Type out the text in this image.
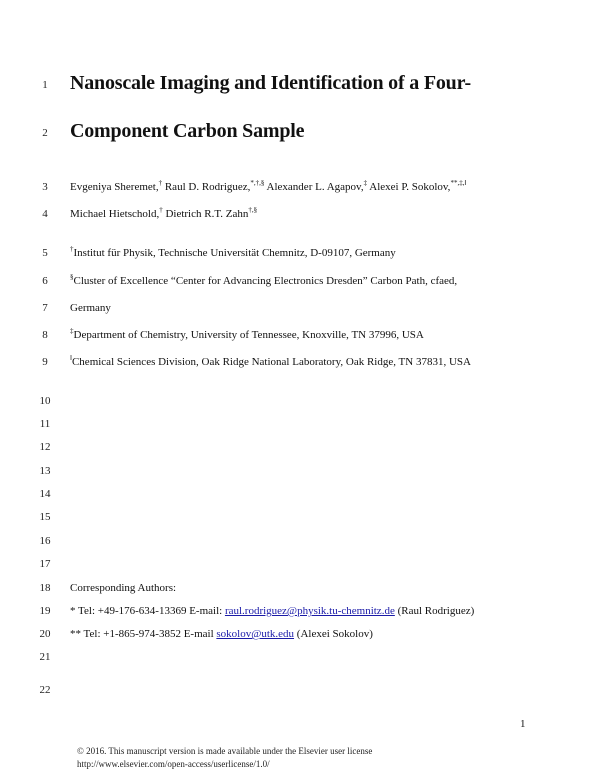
1
2
3
4
5
6
7
8
9
10
11
12
13
14
15
16
17
18
19
20
21
22
Nanoscale Imaging and Identification of a Four-
Component Carbon Sample
Evgeniya Sheremet,† Raul D. Rodriguez,*,†,§ Alexander L. Agapov,‡ Alexei P. Sokolov,**,‡,‖
Michael Hietschold,† Dietrich R.T. Zahn†,§
†Institut für Physik, Technische Universität Chemnitz, D-09107, Germany
§Cluster of Excellence “Center for Advancing Electronics Dresden” Carbon Path, cfaed,
Germany
‡Department of Chemistry, University of Tennessee, Knoxville, TN 37996, USA
‖Chemical Sciences Division, Oak Ridge National Laboratory, Oak Ridge, TN 37831, USA
Corresponding Authors:
* Tel: +49-176-634-13369 E-mail: raul.rodriguez@physik.tu-chemnitz.de (Raul Rodriguez)
** Tel: +1-865-974-3852 E-mail sokolov@utk.edu (Alexei Sokolov)
1
© 2016. This manuscript version is made available under the Elsevier user license
http://www.elsevier.com/open-access/userlicense/1.0/
